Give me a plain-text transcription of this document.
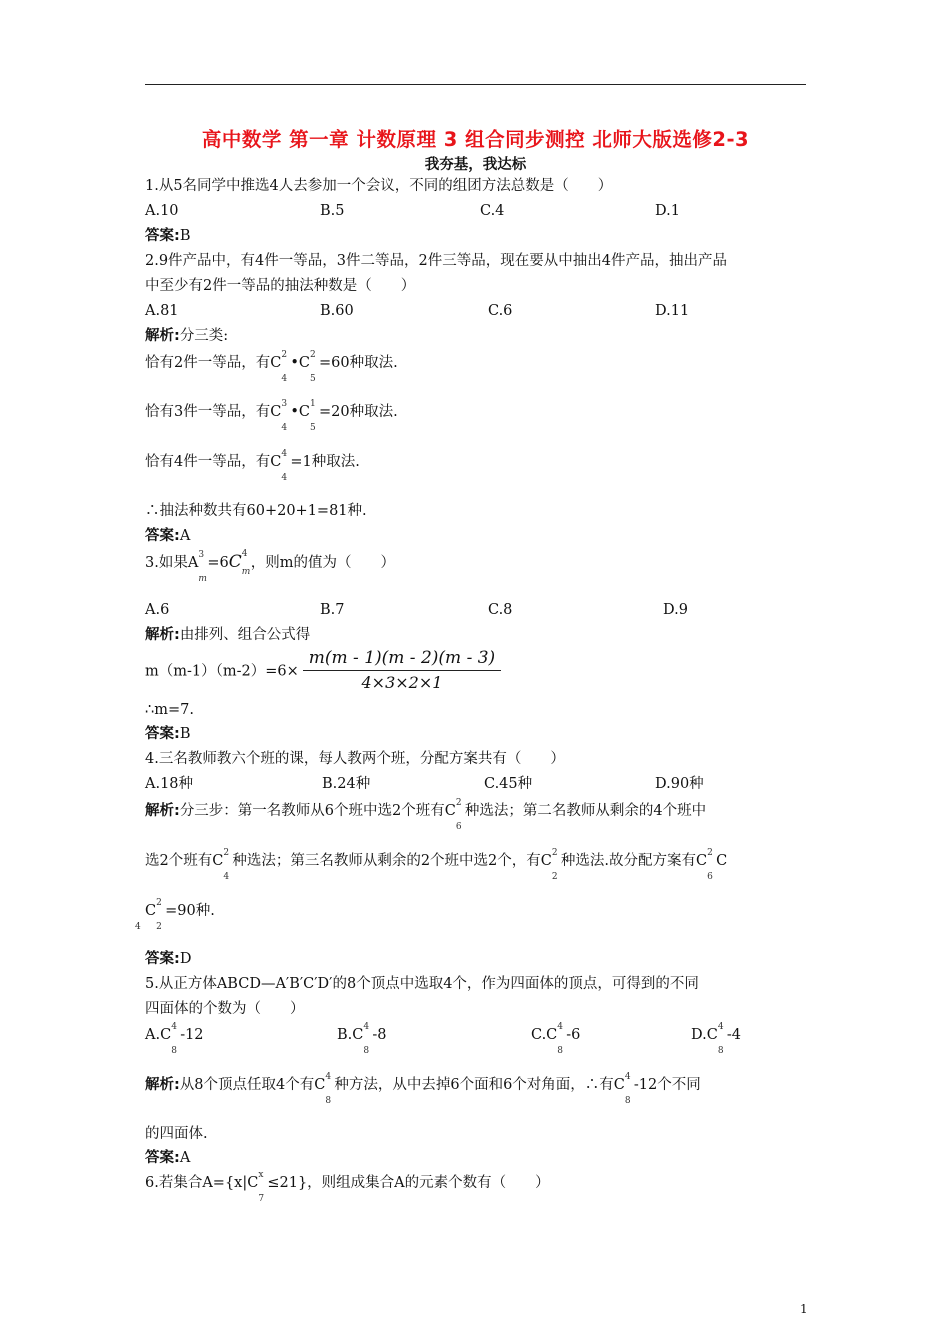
高中数学 第一章 计数原理 3 组合同步测控 北师大版选修2-3
我夯基，我达标
1.从5名同学中推选4人去参加一个会议，不同的组团方法总数是（　　）
A.10	B.5	C.4	D.1
答案:B
2.9件产品中，有4件一等品，3件二等品，2件三等品，现在要从中抽出4件产品，抽出产品
中至少有2件一等品的抽法种数是（　　）
A.81	B.60	C.6	D.11
解析:分三类:
恰有2件一等品，有C 2
4
•C 2
5
=60种取法.
恰有3件一等品，有C 3
4
•C 1
5
=20种取法.
恰有4件一等品，有C 4
4
=1种取法.
∴抽法种数共有60+20+1=81种.
答案:A
3.如果A 3
m
=6C 4
m
，则m的值为（　　）
A.6	B.7	C.8	D.9
解析:由排列、组合公式得
$m(m-1)(m-2)=6\times \frac{m(m - 1)(m - 2)(m - 3)}{4\times 3\times 2\times 1}$
∴m=7.
答案:B
4.三名教师教六个班的课，每人教两个班，分配方案共有（　　）
A.18种	B.24种	C.45种	D.90种
解析:分三步：第一名教师从6个班中选2个班有C 2
6
种选法；第二名教师从剩余的4个班中
选2个班有C 2
4
种选法；第三名教师从剩余的2个班中选2个，有C 2
2
种选法.故分配方案有C 2
6
C
4
C 2
2
=90种.
答案:D
5.从正方体ABCD—A′B′C′D′的8个顶点中选取4个，作为四面体的顶点，可得到的不同
四面体的个数为（　　）
A.C 4
8
-12	B.C 4
8
-8	C.C 4
8
-6	D.C 4
8
-4
解析:从8个顶点任取4个有C 4
8
种方法，从中去掉6个面和6个对角面，∴有C 4
8
-12个不同
的四面体.
答案:A
6.若集合A={x|C x
7
≤21}，则组成集合A的元素个数有（　　）
1
